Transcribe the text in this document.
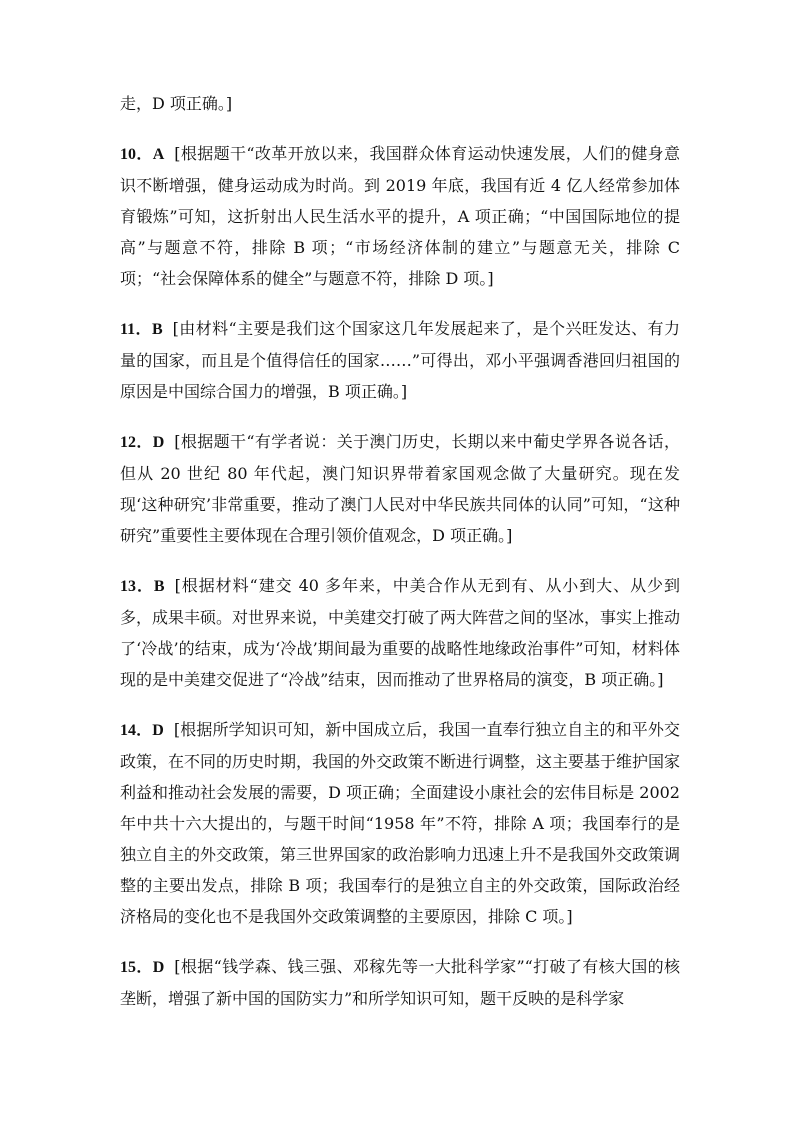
走，D 项正确。]

10．A [根据题干“改革开放以来，我国群众体育运动快速发展，人们的健身意识不断增强，健身运动成为时尚。到 2019 年底，我国有近 4 亿人经常参加体育锻炼”可知，这折射出人民生活水平的提升，A 项正确；“中国国际地位的提高”与题意不符，排除 B 项；“市场经济体制的建立”与题意无关，排除 C 项；“社会保障体系的健全”与题意不符，排除 D 项。]

11．B [由材料“主要是我们这个国家这几年发展起来了，是个兴旺发达、有力量的国家，而且是个值得信任的国家……”可得出，邓小平强调香港回归祖国的原因是中国综合国力的增强，B 项正确。]

12．D [根据题干“有学者说：关于澳门历史，长期以来中葡史学界各说各话，但从 20 世纪 80 年代起，澳门知识界带着家国观念做了大量研究。现在发现‘这种研究’非常重要，推动了澳门人民对中华民族共同体的认同”可知，“这种研究”重要性主要体现在合理引领价值观念，D 项正确。]

13．B [根据材料“建交 40 多年来，中美合作从无到有、从小到大、从少到多，成果丰硕。对世界来说，中美建交打破了两大阵营之间的坚冰，事实上推动了‘冷战’的结束，成为‘冷战’期间最为重要的战略性地缘政治事件”可知，材料体现的是中美建交促进了“冷战”结束，因而推动了世界格局的演变，B 项正确。]

14．D [根据所学知识可知，新中国成立后，我国一直奉行独立自主的和平外交政策，在不同的历史时期，我国的外交政策不断进行调整，这主要基于维护国家利益和推动社会发展的需要，D 项正确；全面建设小康社会的宏伟目标是 2002 年中共十六大提出的，与题干时间“1958 年”不符，排除 A 项；我国奉行的是独立自主的外交政策，第三世界国家的政治影响力迅速上升不是我国外交政策调整的主要出发点，排除 B 项；我国奉行的是独立自主的外交政策，国际政治经济格局的变化也不是我国外交政策调整的主要原因，排除 C 项。]

15．D [根据“钱学森、钱三强、邓稼先等一大批科学家”“打破了有核大国的核垄断，增强了新中国的国防实力”和所学知识可知，题干反映的是科学家
